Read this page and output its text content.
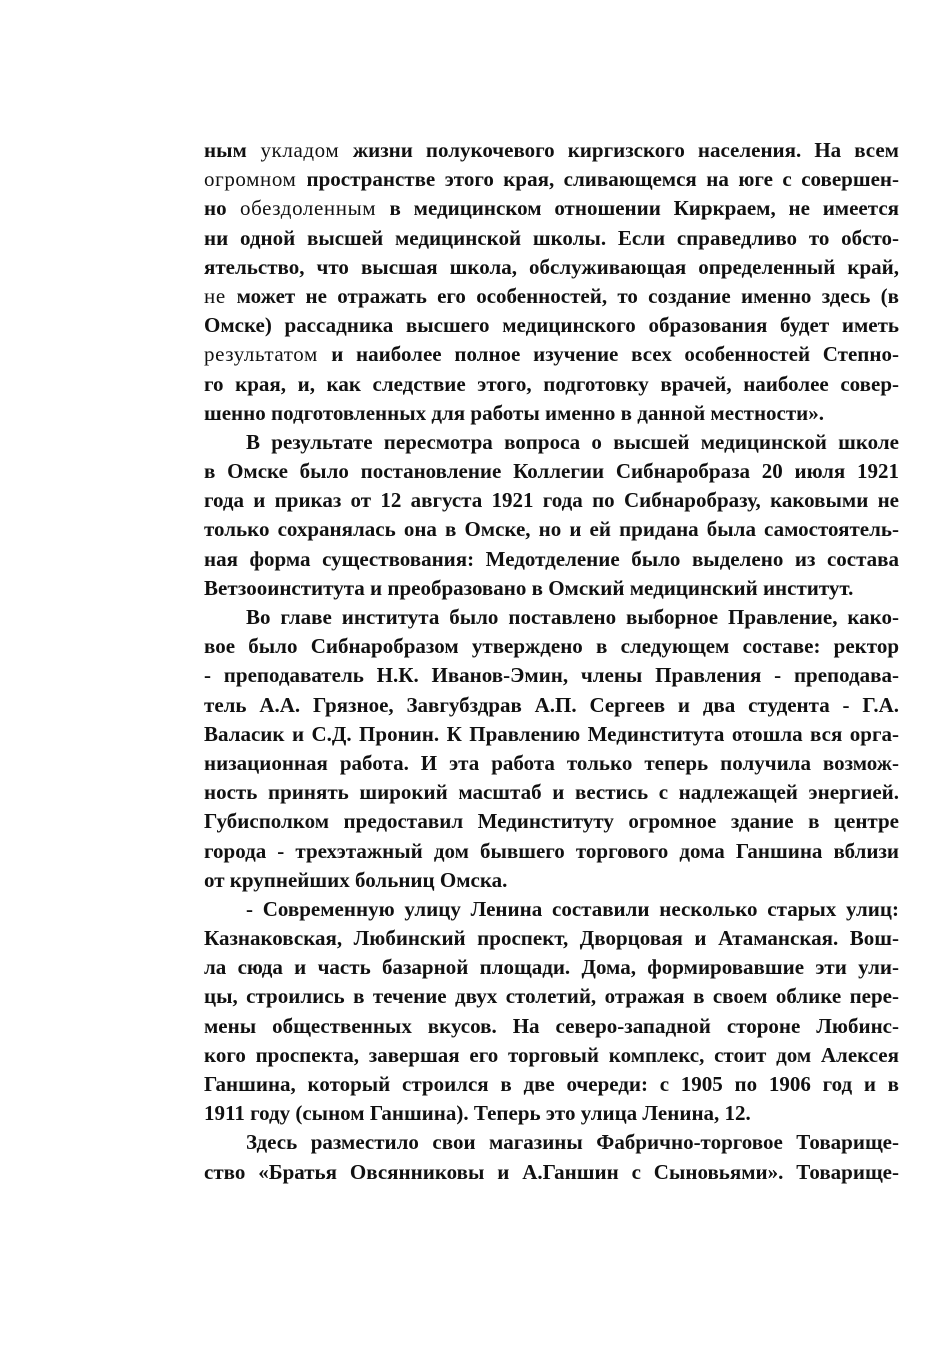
ным укладом жизни полукочевого киргизского населения. На всем
огромном пространстве этого края, сливающемся на юге с совершен-
но обездоленным в медицинском отношении Киркраем, не имеется
ни одной высшей медицинской школы. Если справедливо то обсто-
ятельство, что высшая школа, обслуживающая определенный край,
не может не отражать его особенностей, то создание именно здесь (в
Омске) рассадника высшего медицинского образования будет иметь
результатом и наиболее полное изучение всех особенностей Степно-
го края, и, как следствие этого, подготовку врачей, наиболее совер-
шенно подготовленных для работы именно в данной местности».
В результате пересмотра вопроса о высшей медицинской школе
в Омске было постановление Коллегии Сибнаробраза 20 июля 1921
года и приказ от 12 августа 1921 года по Сибнаробразу, каковыми не
только сохранялась она в Омске, но и ей придана была самостоятель-
ная форма существования: Медотделение было выделено из состава
Ветзооинститута и преобразовано в Омский медицинский институт.
Во главе института было поставлено выборное Правление, како-
вое было Сибнаробразом утверждено в следующем составе: ректор
- преподаватель Н.К. Иванов-Эмин, члены Правления - преподава-
тель А.А. Грязное, Завгубздрав А.П. Сергеев и два студента - Г.А.
Валасик и С.Д. Пронин. К Правлению Мединститута отошла вся орга-
низационная работа. И эта работа только теперь получила возмож-
ность принять широкий масштаб и вестись с надлежащей энергией.
Губисполком предоставил Мединституту огромное здание в центре
города - трехэтажный дом бывшего торгового дома Ганшина вблизи
от крупнейших больниц Омска.
- Современную улицу Ленина составили несколько старых улиц:
Казнаковская, Любинский проспект, Дворцовая и Атаманская. Вош-
ла сюда и часть базарной площади. Дома, формировавшие эти ули-
цы, строились в течение двух столетий, отражая в своем облике пере-
мены общественных вкусов. На северо-западной стороне Любинс-
кого проспекта, завершая его торговый комплекс, стоит дом Алексея
Ганшина, который строился в две очереди: с 1905 по 1906 год и в
1911 году (сыном Ганшина). Теперь это улица Ленина, 12.
Здесь разместило свои магазины Фабрично-торговое Товарище-
ство «Братья Овсянниковы и А.Ганшин с Сыновьями». Товарище-
